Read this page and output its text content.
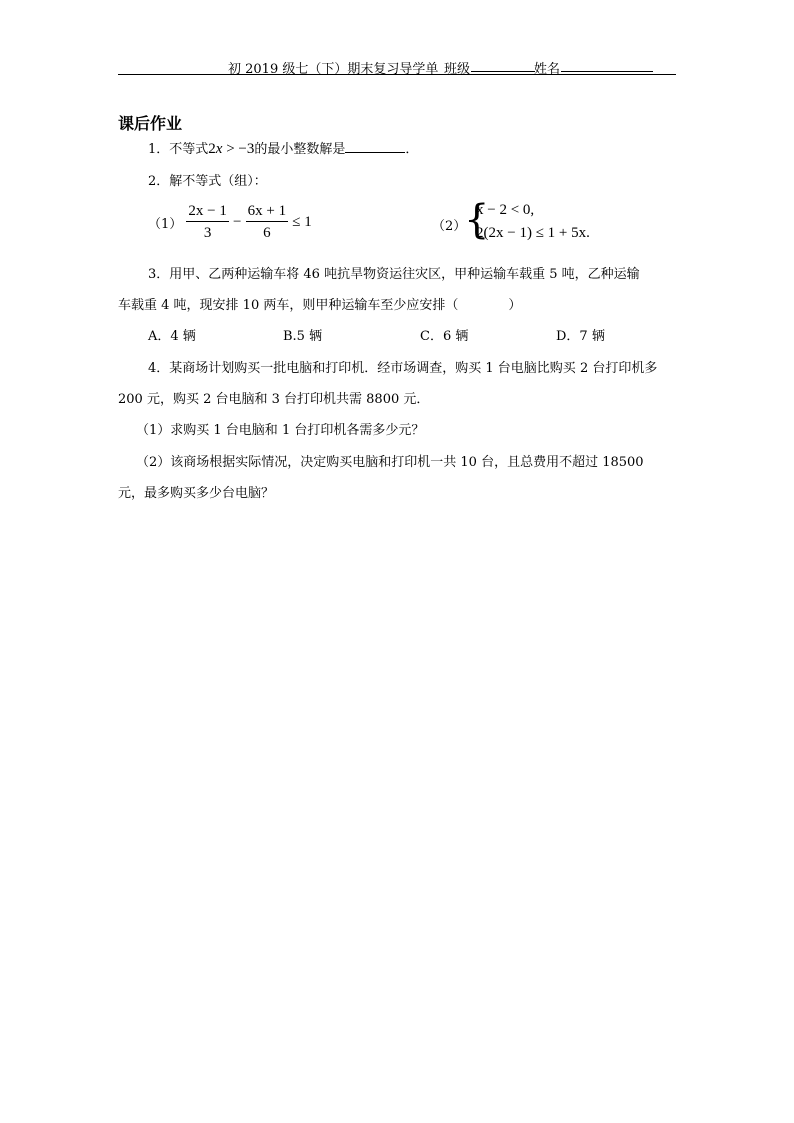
初 2019 级七（下）期末复习导学单 班级	姓名
课后作业
1．不等式2x > −3的最小整数解是	．
2．解不等式（组）：
$(1) \frac{2x - 1}{3} - \frac{6x + 1}{6} \le 1$	（2）
{
x − 2 < 0,
2(2x − 1) ≤ 1 + 5x.
3．用甲、乙两种运输车将 46 吨抗旱物资运往灾区，甲种运输车载重 5 吨，乙种运输
车载重 4 吨，现安排 10 两车，则甲种运输车至少应安排（	）
A．4 辆	B.5 辆	C．6 辆	D．7 辆
4．某商场计划购买一批电脑和打印机．经市场调查，购买 1 台电脑比购买 2 台打印机多
200 元，购买 2 台电脑和 3 台打印机共需 8800 元．
（1）求购买 1 台电脑和 1 台打印机各需多少元？
（2）该商场根据实际情况，决定购买电脑和打印机一共 10 台，且总费用不超过 18500
元，最多购买多少台电脑？
